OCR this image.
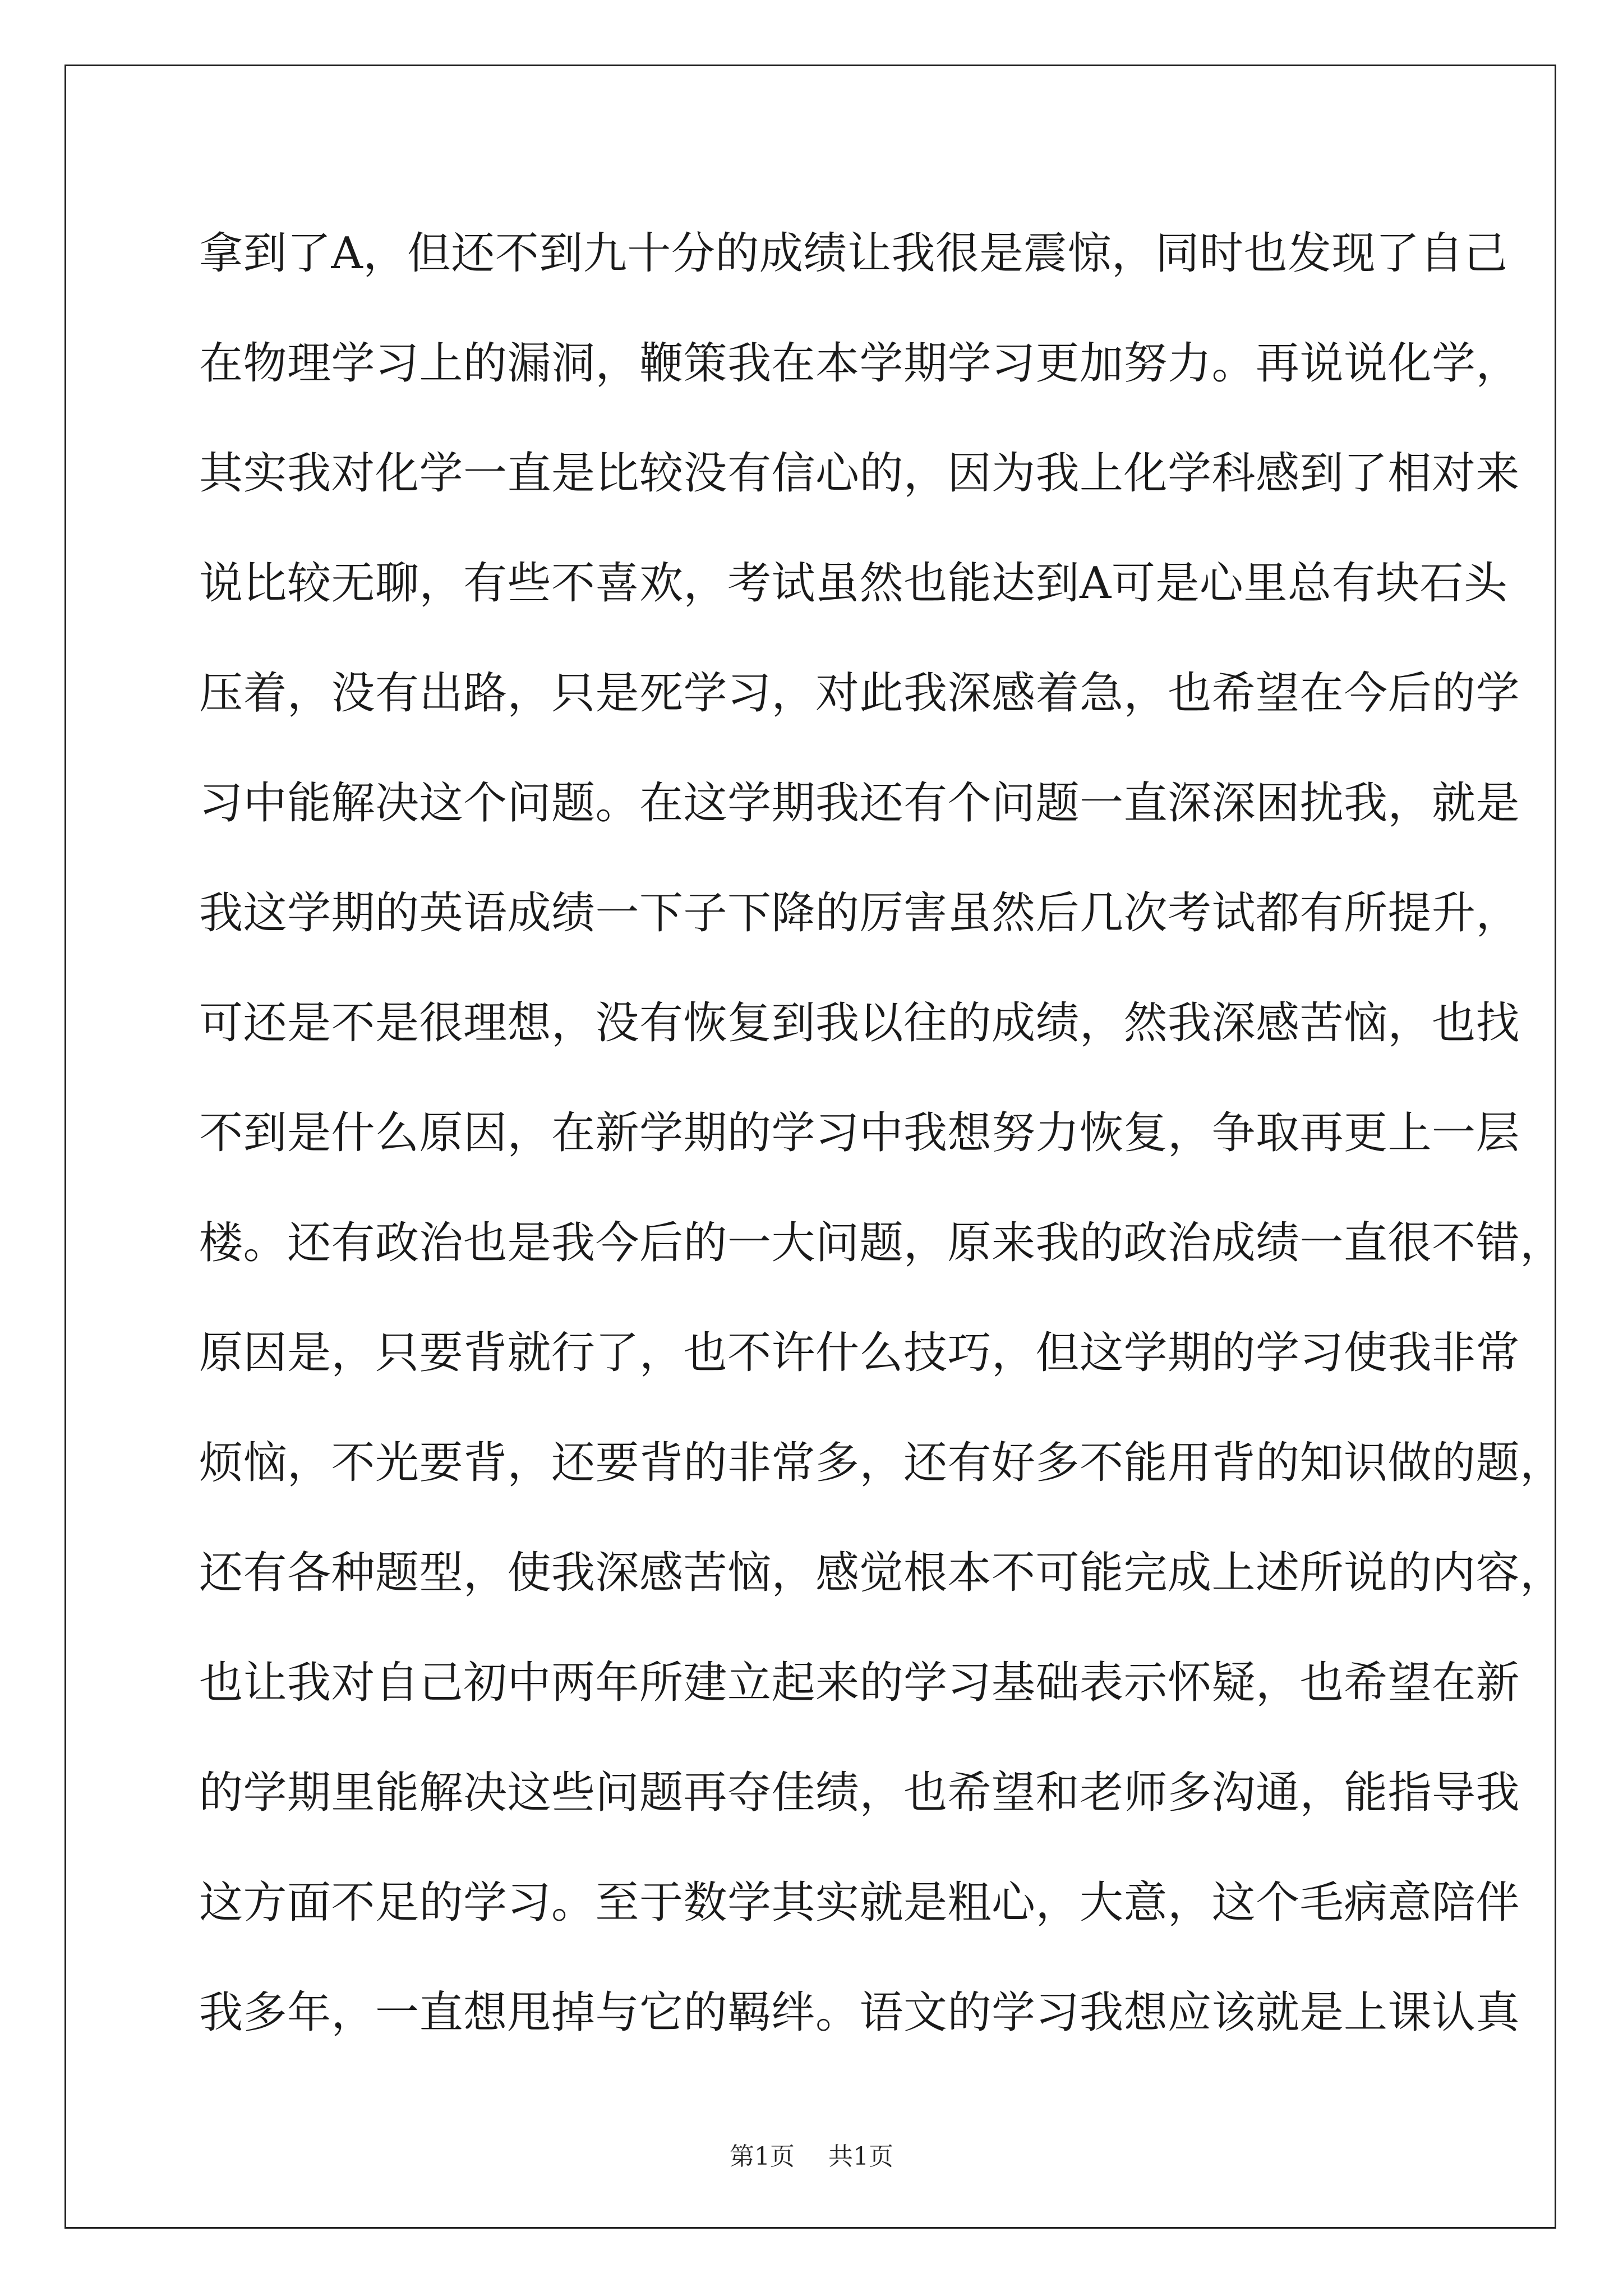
拿到了A，但还不到九十分的成绩让我很是震惊，同时也发现了自己
在物理学习上的漏洞，鞭策我在本学期学习更加努力。再说说化学，
其实我对化学一直是比较没有信心的，因为我上化学科感到了相对来
说比较无聊，有些不喜欢，考试虽然也能达到A可是心里总有块石头
压着，没有出路，只是死学习，对此我深感着急，也希望在今后的学
习中能解决这个问题。在这学期我还有个问题一直深深困扰我，就是
我这学期的英语成绩一下子下降的厉害虽然后几次考试都有所提升，
可还是不是很理想，没有恢复到我以往的成绩，然我深感苦恼，也找
不到是什么原因，在新学期的学习中我想努力恢复，争取再更上一层
楼。还有政治也是我今后的一大问题，原来我的政治成绩一直很不错，
原因是，只要背就行了，也不许什么技巧，但这学期的学习使我非常
烦恼，不光要背，还要背的非常多，还有好多不能用背的知识做的题，
还有各种题型，使我深感苦恼，感觉根本不可能完成上述所说的内容，
也让我对自己初中两年所建立起来的学习基础表示怀疑，也希望在新
的学期里能解决这些问题再夺佳绩，也希望和老师多沟通，能指导我
这方面不足的学习。至于数学其实就是粗心，大意，这个毛病意陪伴
我多年，一直想甩掉与它的羁绊。语文的学习我想应该就是上课认真
第1页 共1页
